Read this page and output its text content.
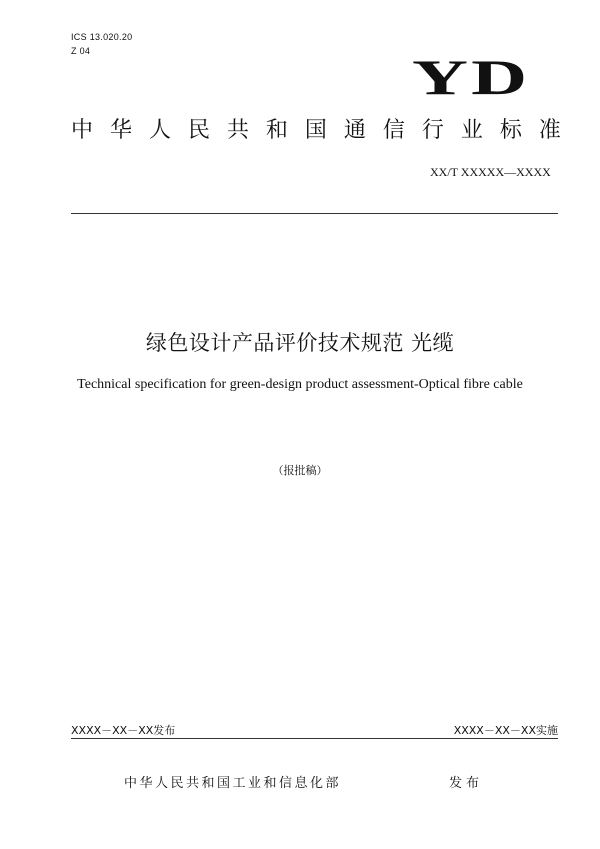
ICS 13.020.20
Z 04	YD
中 华 人 民 共 和 国 通 信 行 业 标 准
XX/T XXXXX—XXXX
绿色设计产品评价技术规范 光缆
Technical specification for green-design product assessment-Optical fibre cable
（报批稿）
XXXX－XX－XX发布	XXXX－XX－XX实施
中华人民共和国工业和信息化部	发布
